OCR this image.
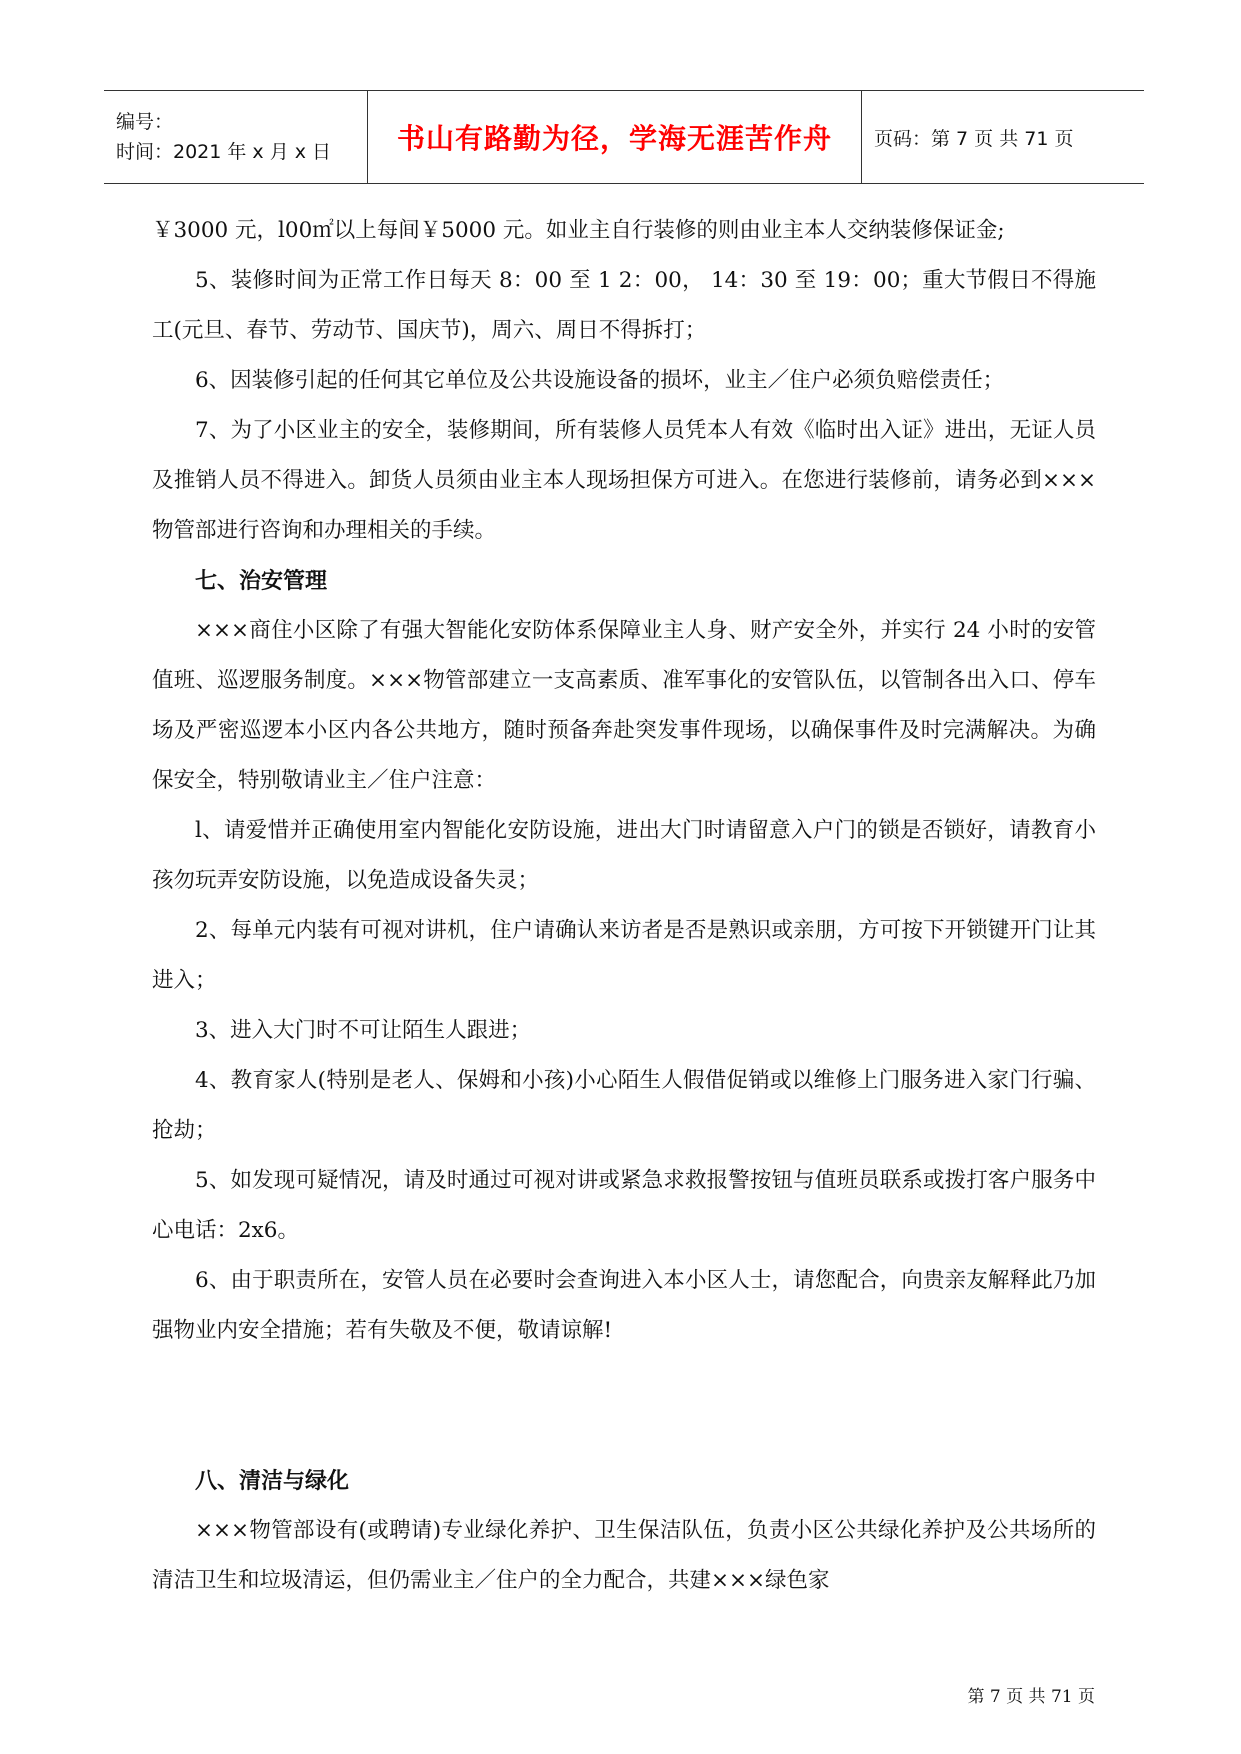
编号：
时间：2021 年 x 月 x 日	书山有路勤为径，学海无涯苦作舟 页码：第 7 页 共 71 页

￥3000 元，l00㎡以上每间￥5000 元。如业主自行装修的则由业主本人交纳装修保证金;

5、装修时间为正常工作日每天 8：00 至 1 2：00， 14：30 至 19：00；重大节假日不得施工(元旦、春节、劳动节、国庆节)，周六、周日不得拆打；

6、因装修引起的任何其它单位及公共设施设备的损坏，业主／住户必须负赔偿责任；

7、为了小区业主的安全，装修期间，所有装修人员凭本人有效《临时出入证》进出，无证人员及推销人员不得进入。卸货人员须由业主本人现场担保方可进入。在您进行装修前，请务必到×××物管部进行咨询和办理相关的手续。

七、治安管理

×××商住小区除了有强大智能化安防体系保障业主人身、财产安全外，并实行 24 小时的安管值班、巡逻服务制度。×××物管部建立一支高素质、准军事化的安管队伍，以管制各出入口、停车场及严密巡逻本小区内各公共地方，随时预备奔赴突发事件现场，以确保事件及时完满解决。为确保安全，特别敬请业主／住户注意：

l、请爱惜并正确使用室内智能化安防设施，进出大门时请留意入户门的锁是否锁好，请教育小孩勿玩弄安防设施，以免造成设备失灵；

2、每单元内装有可视对讲机，住户请确认来访者是否是熟识或亲朋，方可按下开锁键开门让其进入；

3、进入大门时不可让陌生人跟进；

4、教育家人(特别是老人、保姆和小孩)小心陌生人假借促销或以维修上门服务进入家门行骗、抢劫；

5、如发现可疑情况，请及时通过可视对讲或紧急求救报警按钮与值班员联系或拨打客户服务中心电话：2x6。

6、由于职责所在，安管人员在必要时会查询进入本小区人士，请您配合，向贵亲友解释此乃加强物业内安全措施；若有失敬及不便，敬请谅解!

八、清洁与绿化

×××物管部设有(或聘请)专业绿化养护、卫生保洁队伍，负责小区公共绿化养护及公共场所的清洁卫生和垃圾清运，但仍需业主／住户的全力配合，共建×××绿色家

第 7 页 共 71 页
